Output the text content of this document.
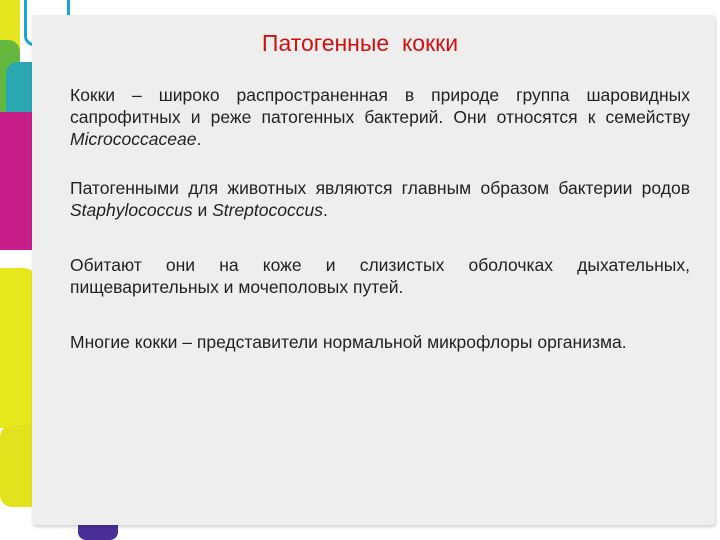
Патогенные  кокки
Кокки – широко распространенная в природе группа шаровидных сапрофитных и реже патогенных бактерий. Они относятся к семейству Micrococcaceae.
Патогенными для животных являются главным образом бактерии родов Staphylococcus и Streptococcus.
Обитают они на коже и слизистых оболочках дыхательных, пищеварительных и мочеполовых путей.
Многие кокки – представители нормальной микрофлоры организма.
